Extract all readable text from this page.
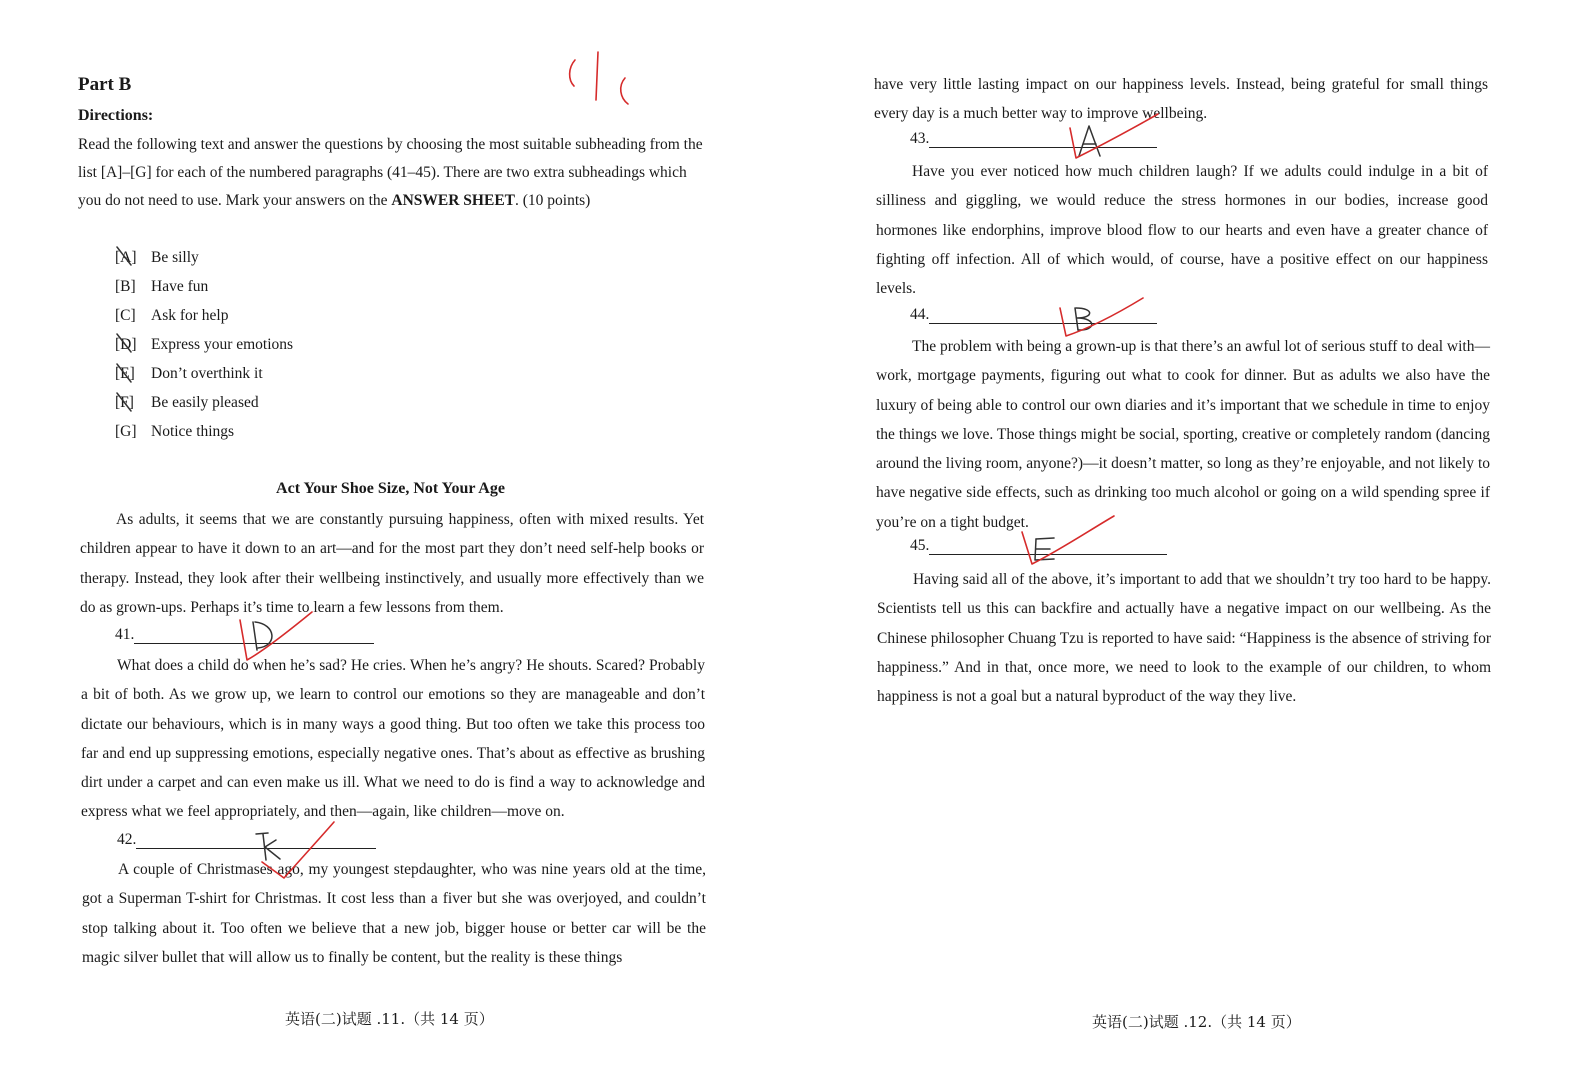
Part B
Directions:
Read the following text and answer the questions by choosing the most suitable subheading from the list [A]–[G] for each of the numbered paragraphs (41–45). There are two extra subheadings which you do not need to use. Mark your answers on the ANSWER SHEET. (10 points)
[A] Be silly
[B] Have fun
[C] Ask for help
[D] Express your emotions
[E] Don’t overthink it
[F] Be easily pleased
[G] Notice things
Act Your Shoe Size, Not Your Age
As adults, it seems that we are constantly pursuing happiness, often with mixed results. Yet children appear to have it down to an art—and for the most part they don’t need self-help books or therapy. Instead, they look after their wellbeing instinctively, and usually more effectively than we do as grown-ups. Perhaps it’s time to learn a few lessons from them.
41.
What does a child do when he’s sad? He cries. When he’s angry? He shouts. Scared? Probably a bit of both. As we grow up, we learn to control our emotions so they are manageable and don’t dictate our behaviours, which is in many ways a good thing. But too often we take this process too far and end up suppressing emotions, especially negative ones. That’s about as effective as brushing dirt under a carpet and can even make us ill. What we need to do is find a way to acknowledge and express what we feel appropriately, and then—again, like children—move on.
42.
A couple of Christmases ago, my youngest stepdaughter, who was nine years old at the time, got a Superman T-shirt for Christmas. It cost less than a fiver but she was overjoyed, and couldn’t stop talking about it. Too often we believe that a new job, bigger house or better car will be the magic silver bullet that will allow us to finally be content, but the reality is these things
英语(二)试题 .11.（共 14 页）
have very little lasting impact on our happiness levels. Instead, being grateful for small things every day is a much better way to improve wellbeing.
43.
Have you ever noticed how much children laugh? If we adults could indulge in a bit of silliness and giggling, we would reduce the stress hormones in our bodies, increase good hormones like endorphins, improve blood flow to our hearts and even have a greater chance of fighting off infection. All of which would, of course, have a positive effect on our happiness levels.
44.
The problem with being a grown-up is that there’s an awful lot of serious stuff to deal with—work, mortgage payments, figuring out what to cook for dinner. But as adults we also have the luxury of being able to control our own diaries and it’s important that we schedule in time to enjoy the things we love. Those things might be social, sporting, creative or completely random (dancing around the living room, anyone?)—it doesn’t matter, so long as they’re enjoyable, and not likely to have negative side effects, such as drinking too much alcohol or going on a wild spending spree if you’re on a tight budget.
45.
Having said all of the above, it’s important to add that we shouldn’t try too hard to be happy. Scientists tell us this can backfire and actually have a negative impact on our wellbeing. As the Chinese philosopher Chuang Tzu is reported to have said: “Happiness is the absence of striving for happiness.” And in that, once more, we need to look to the example of our children, to whom happiness is not a goal but a natural byproduct of the way they live.
英语(二)试题 .12.（共 14 页）
